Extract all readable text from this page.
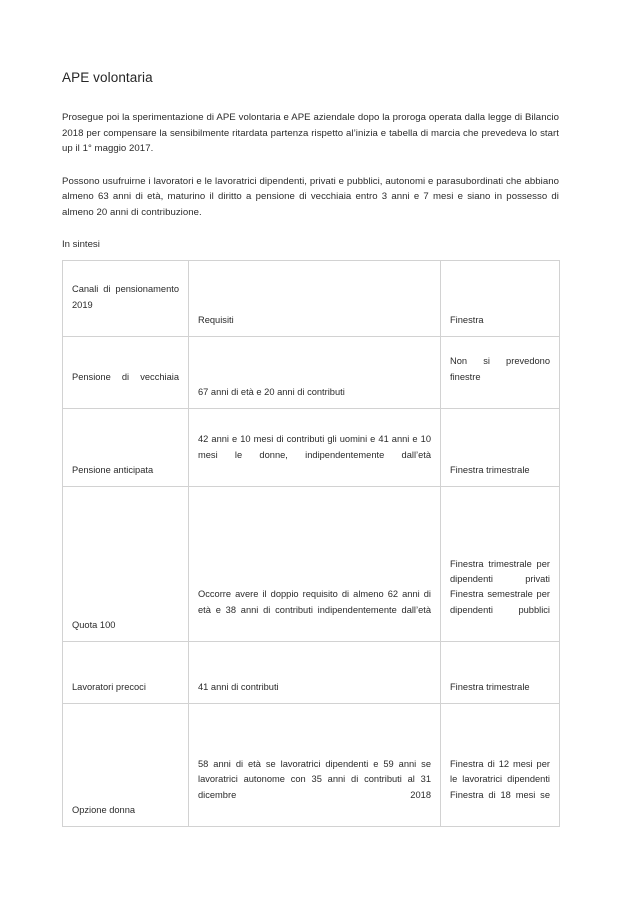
APE volontaria

Prosegue poi la sperimentazione di APE volontaria e APE aziendale dopo la proroga operata dalla legge di Bilancio 2018 per compensare la sensibilmente ritardata partenza rispetto al’inizia e tabella di marcia che prevedeva lo start up il 1° maggio 2017.

Possono usufruirne i lavoratori e le lavoratrici dipendenti, privati e pubblici, autonomi e parasubordinati che abbiano almeno 63 anni di età, maturino il diritto a pensione di vecchiaia entro 3 anni e 7 mesi e siano in possesso di almeno 20 anni di contribuzione.

In sintesi

Canali di pensionamento 2019	Requisiti	Finestra

Pensione di vecchiaia	67 anni di età e 20 anni di contributi	Non si prevedono finestre

Pensione anticipata	42 anni e 10 mesi di contributi gli uomini e 41 anni e 10 mesi le donne, indipendentemente dall’età	Finestra trimestrale

Quota 100	Occorre avere il doppio requisito di almeno 62 anni di età e 38 anni di contributi indipendentemente dall’età	Finestra trimestrale per dipendenti privati Finestra semestrale per dipendenti pubblici

Lavoratori precoci	41 anni di contributi	Finestra trimestrale

Opzione donna	58 anni di età se lavoratrici dipendenti e 59 anni se lavoratrici autonome con 35 anni di contributi al 31 dicembre 2018	Finestra di 12 mesi per le lavoratrici dipendenti Finestra di 18 mesi se
